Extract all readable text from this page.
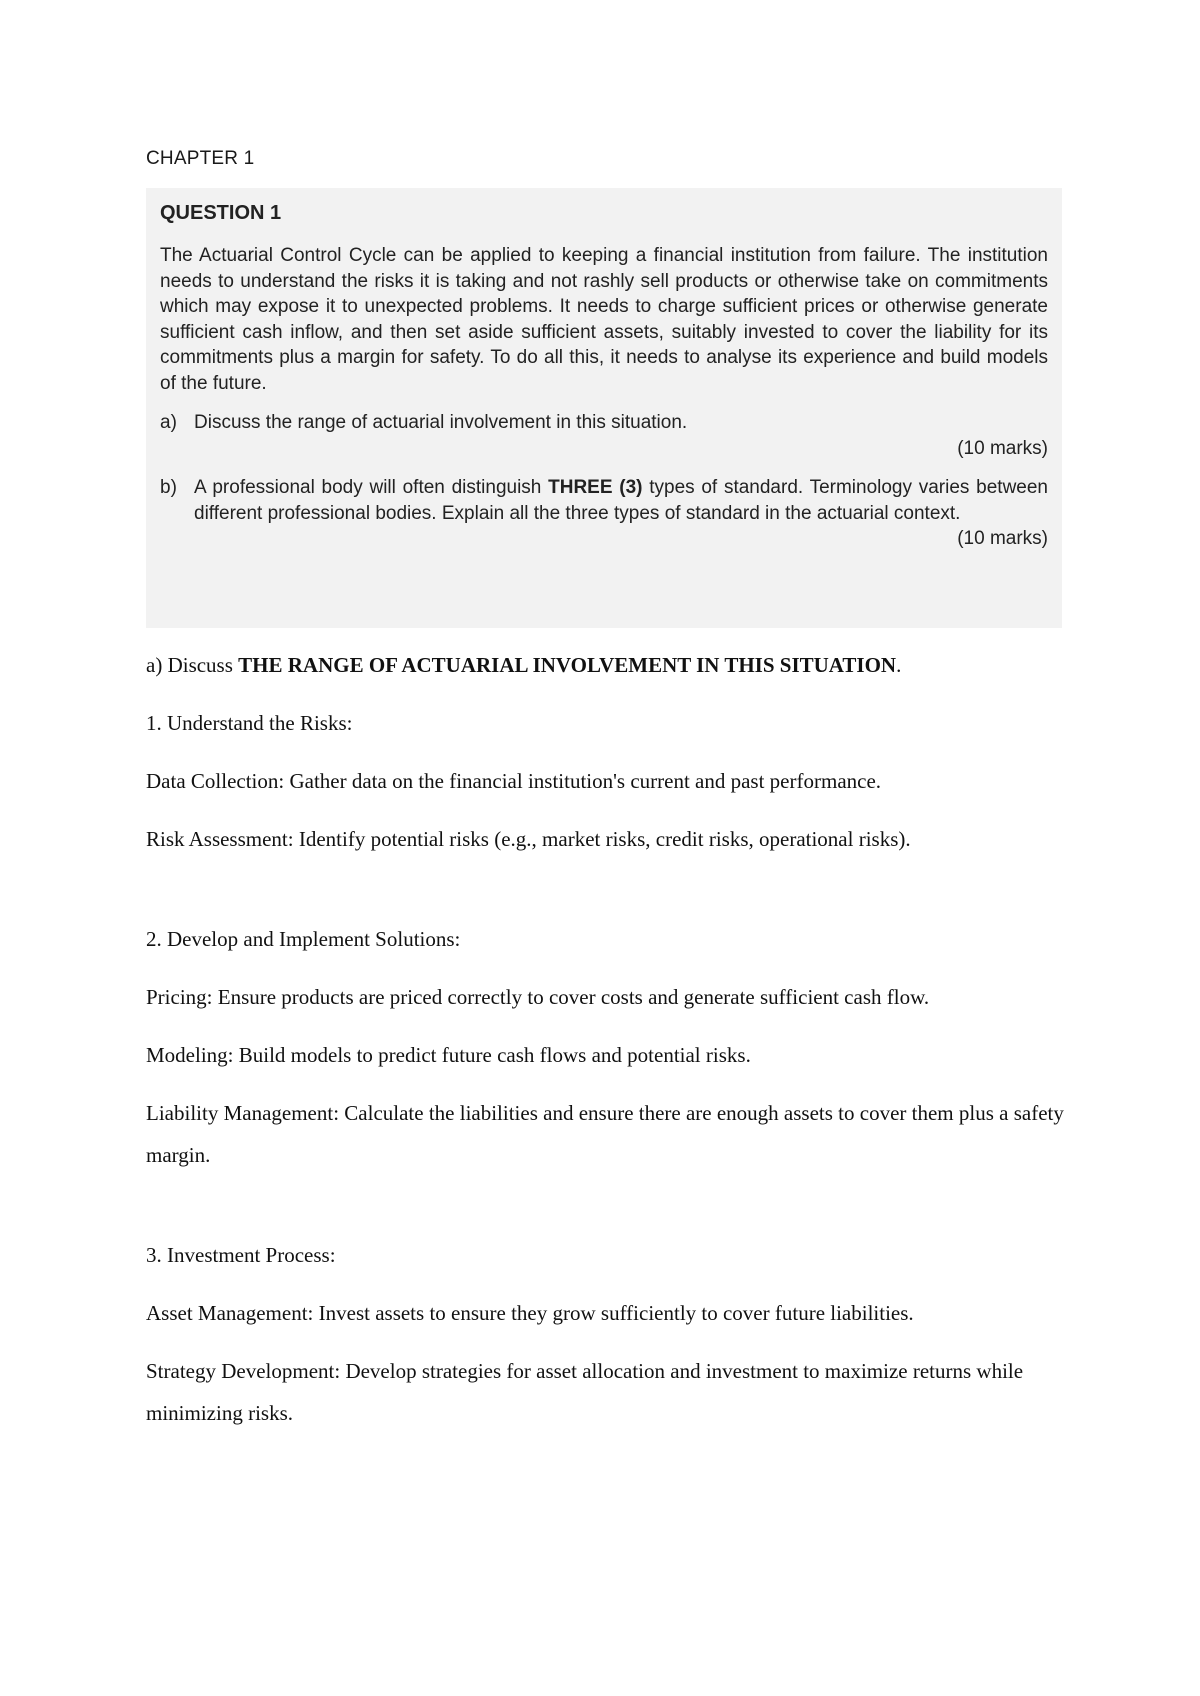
CHAPTER 1
QUESTION 1
The Actuarial Control Cycle can be applied to keeping a financial institution from failure. The institution needs to understand the risks it is taking and not rashly sell products or otherwise take on commitments which may expose it to unexpected problems. It needs to charge sufficient prices or otherwise generate sufficient cash inflow, and then set aside sufficient assets, suitably invested to cover the liability for its commitments plus a margin for safety. To do all this, it needs to analyse its experience and build models of the future.
a) Discuss the range of actuarial involvement in this situation.
(10 marks)
b) A professional body will often distinguish THREE (3) types of standard. Terminology varies between different professional bodies. Explain all the three types of standard in the actuarial context.
(10 marks)

a) Discuss THE RANGE OF ACTUARIAL INVOLVEMENT IN THIS SITUATION.

1. Understand the Risks:

Data Collection: Gather data on the financial institution's current and past performance.

Risk Assessment: Identify potential risks (e.g., market risks, credit risks, operational risks).

2. Develop and Implement Solutions:

Pricing: Ensure products are priced correctly to cover costs and generate sufficient cash flow.

Modeling: Build models to predict future cash flows and potential risks.

Liability Management: Calculate the liabilities and ensure there are enough assets to cover them plus a safety margin.

3. Investment Process:

Asset Management: Invest assets to ensure they grow sufficiently to cover future liabilities.

Strategy Development: Develop strategies for asset allocation and investment to maximize returns while minimizing risks.
